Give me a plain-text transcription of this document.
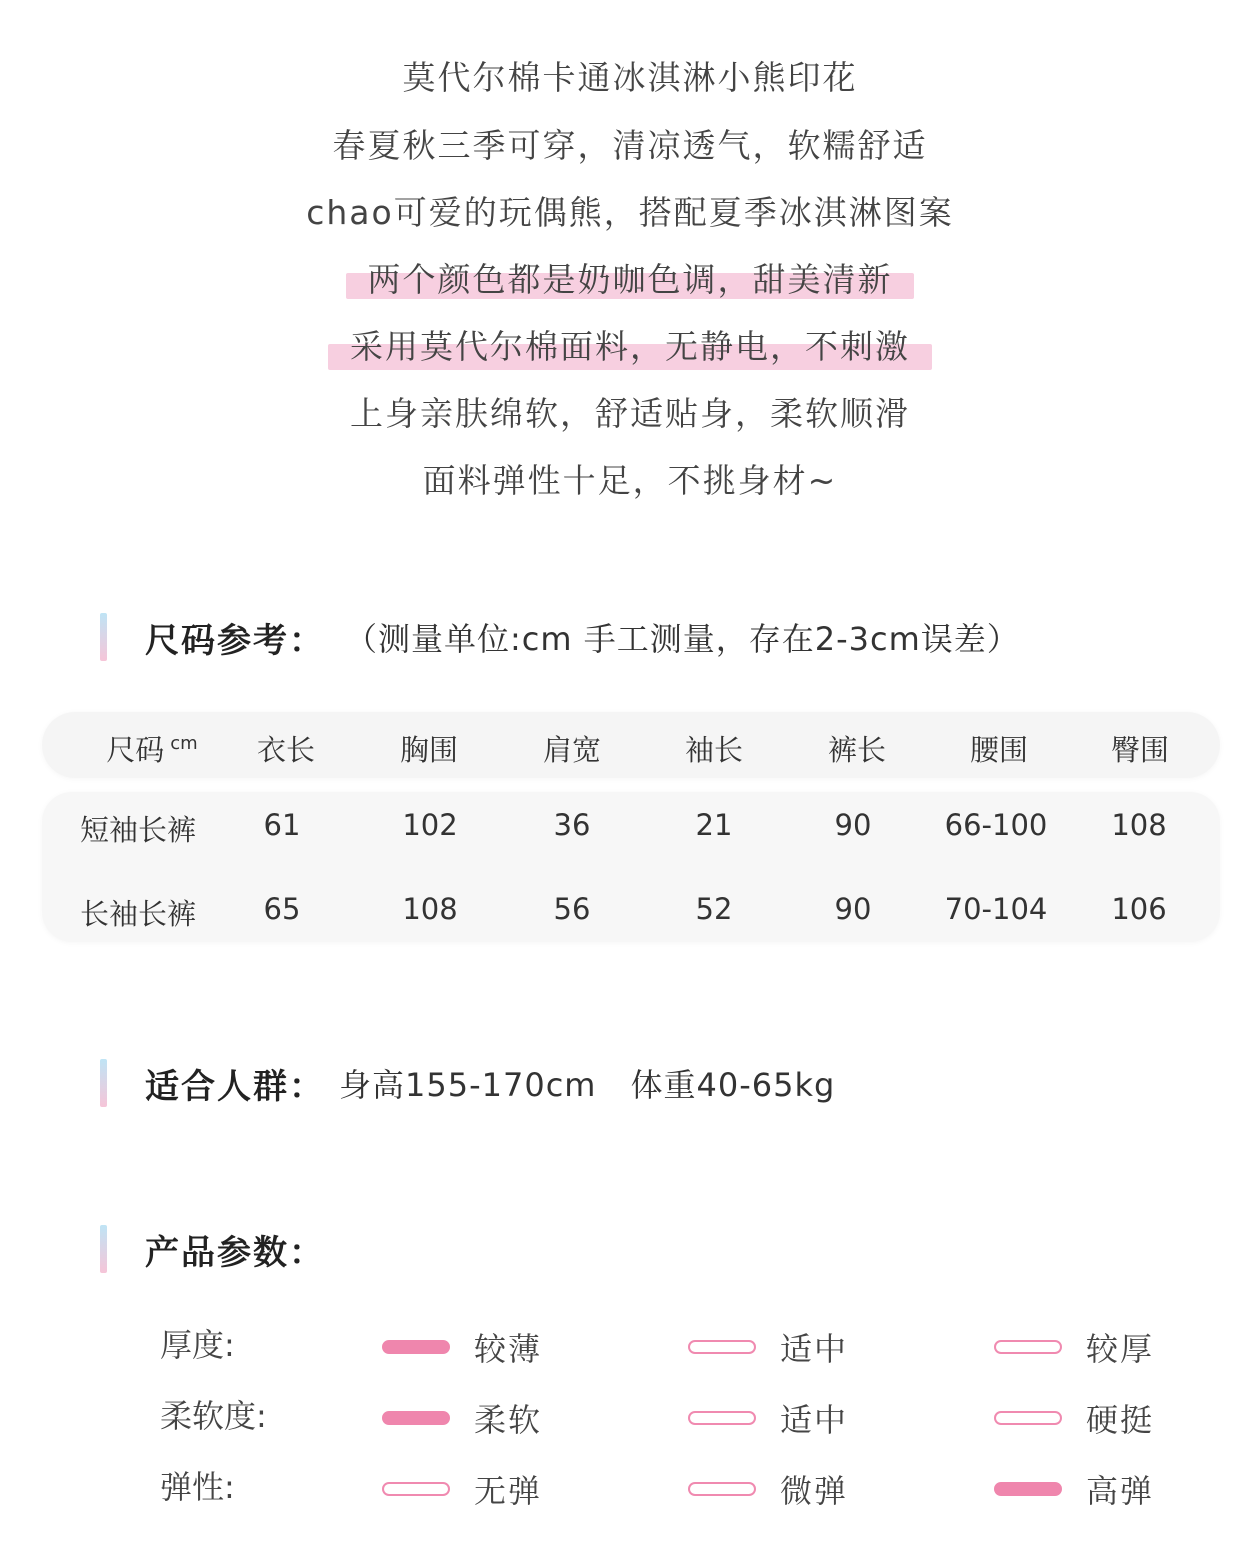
莫代尔棉卡通冰淇淋小熊印花
春夏秋三季可穿，清凉透气，软糯舒适
chao可爱的玩偶熊，搭配夏季冰淇淋图案
两个颜色都是奶咖色调，甜美清新
采用莫代尔棉面料，无静电，不刺激
上身亲肤绵软，舒适贴身，柔软顺滑
面料弹性十足，不挑身材~
尺码参考： （测量单位:cm 手工测量，存在2-3cm误差）
尺码 $^{cm}$	衣长	胸围	肩宽	袖长	裤长	腰围	臀围
短袖长裤	61	102	36	21	90	66-100	108
长袖长裤	65	108	56	52	90	70-104	106
适合人群： 身高155-170cm 体重40-65kg
产品参数：
厚度:	较薄	适中	较厚
柔软度:	柔软	适中	硬挺
弹性:	无弹	微弹	高弹
